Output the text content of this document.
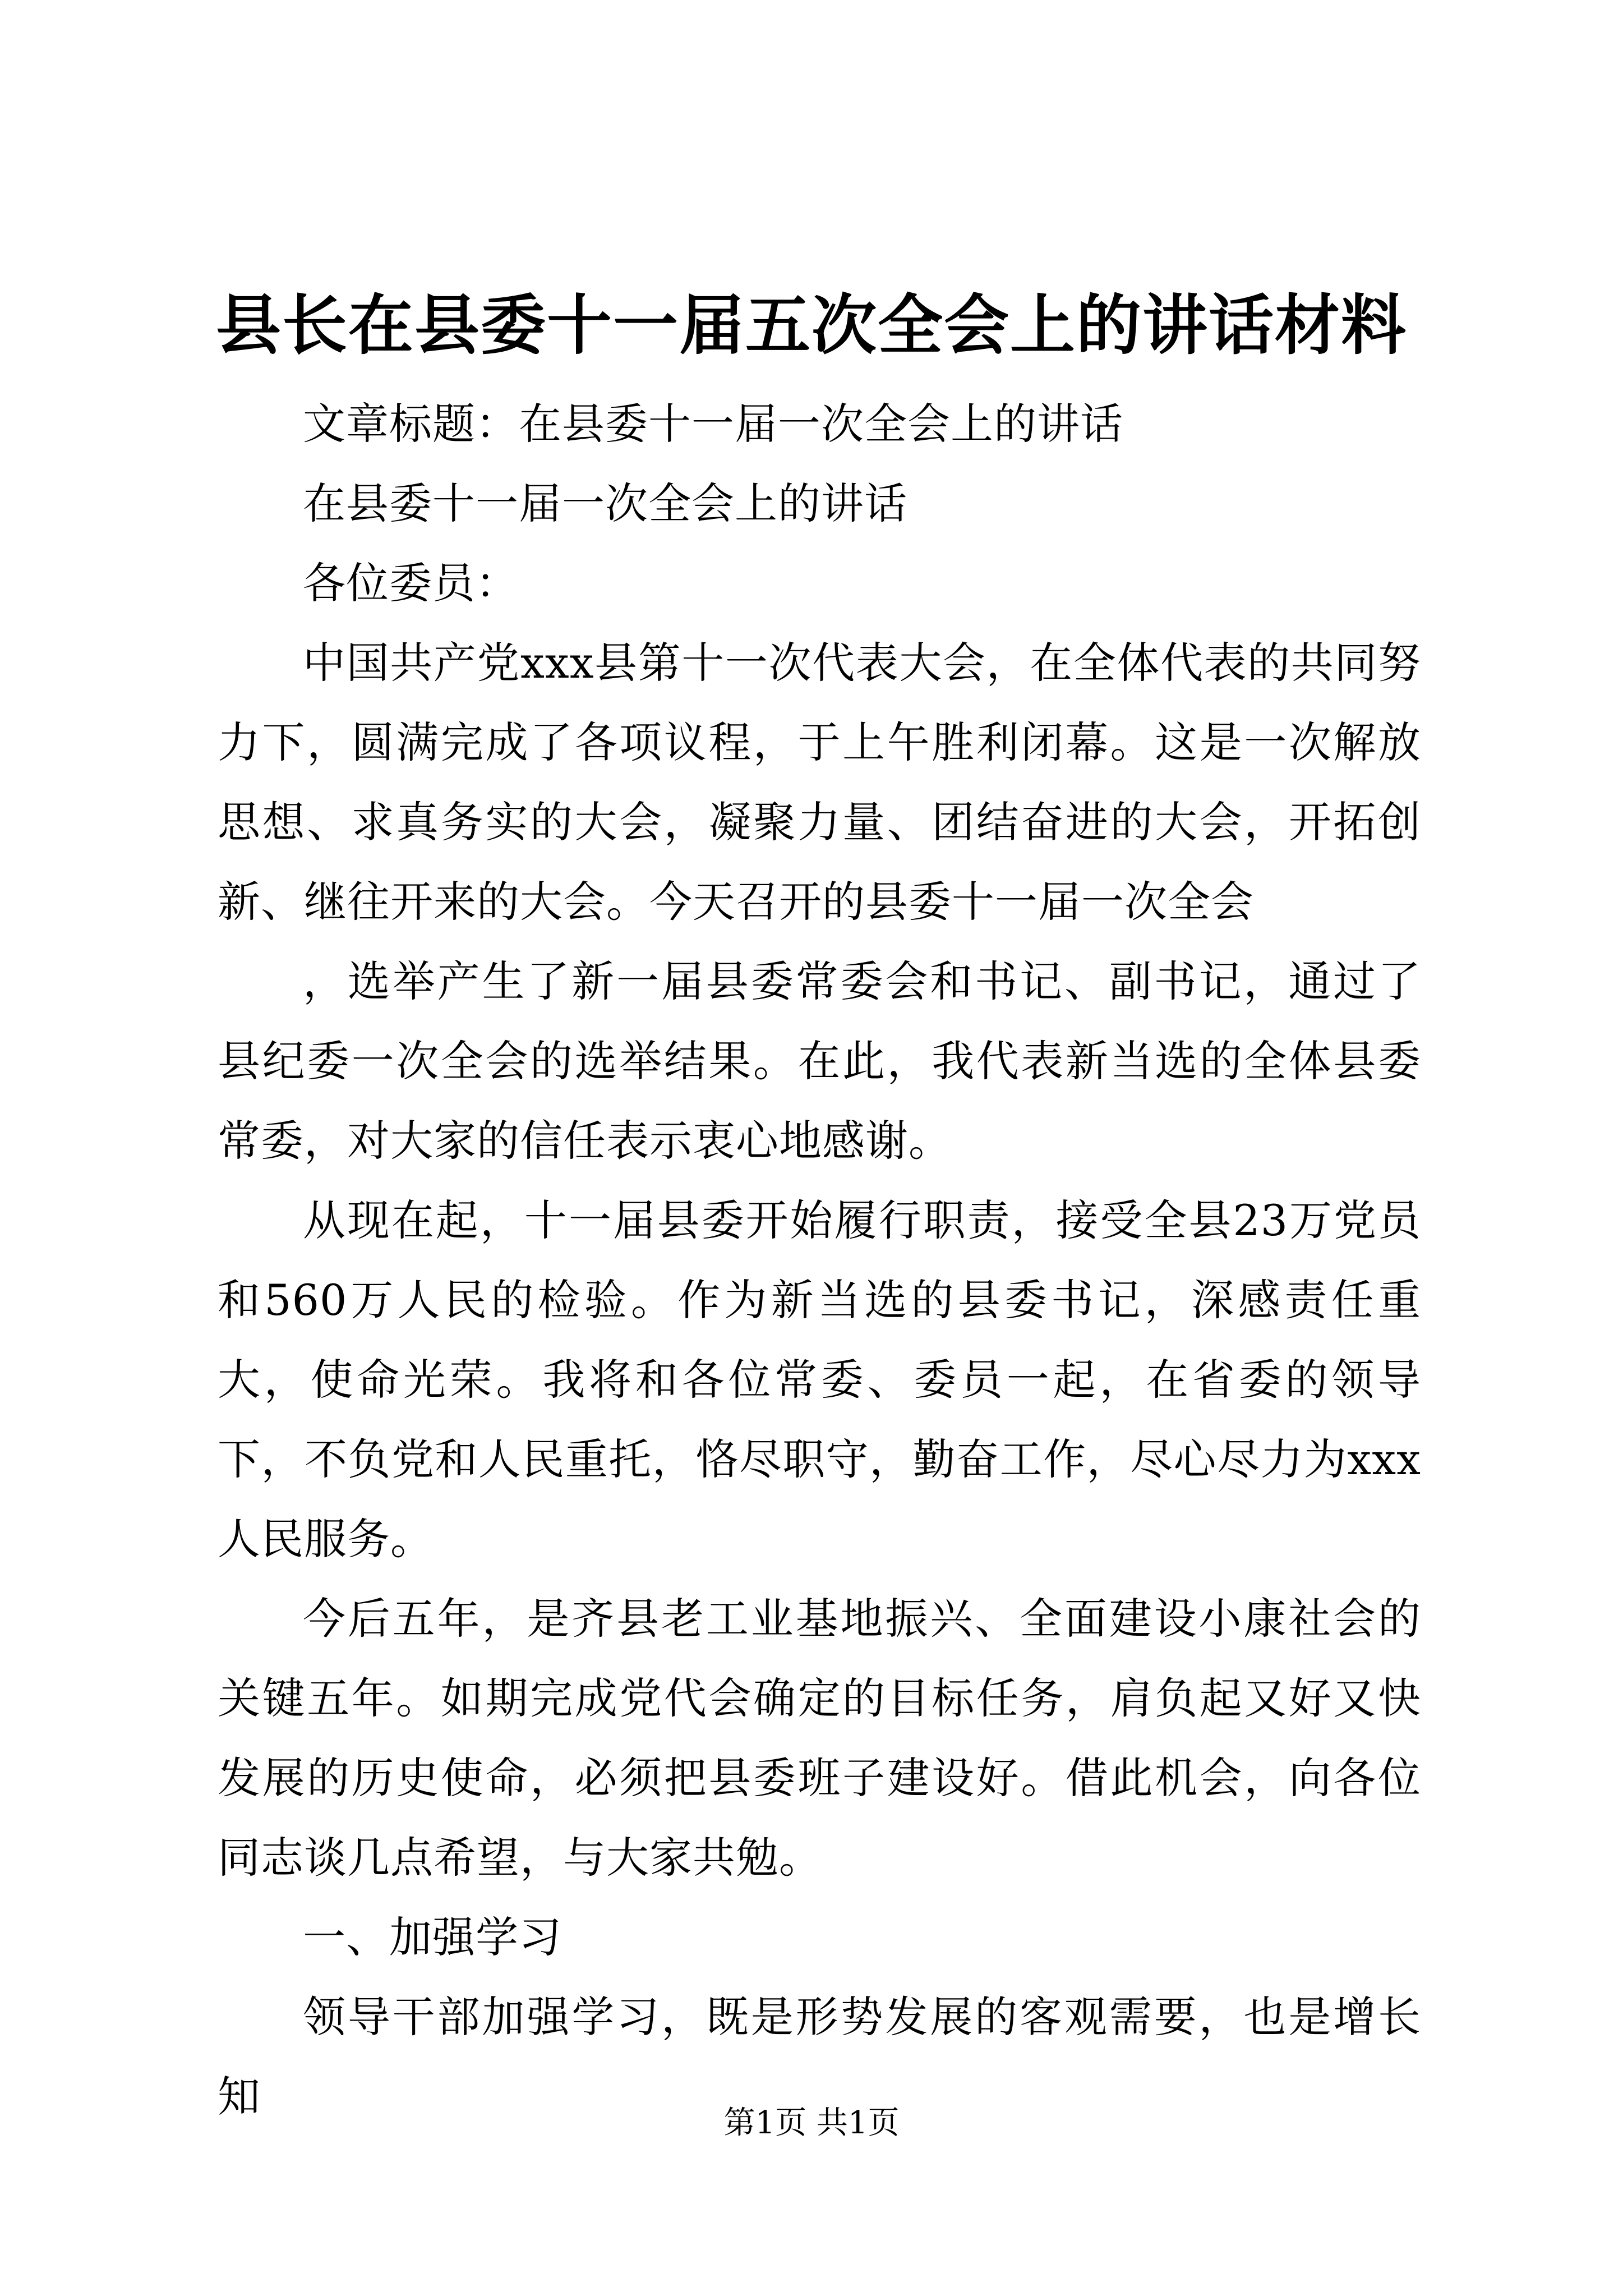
县长在县委十一届五次全会上的讲话材料

文章标题：在县委十一届一次全会上的讲话

在县委十一届一次全会上的讲话

各位委员：

中国共产党xxx县第十一次代表大会，在全体代表的共同努力下，圆满完成了各项议程，于上午胜利闭幕。这是一次解放思想、求真务实的大会，凝聚力量、团结奋进的大会，开拓创新、继往开来的大会。今天召开的县委十一届一次全会

，选举产生了新一届县委常委会和书记、副书记，通过了县纪委一次全会的选举结果。在此，我代表新当选的全体县委常委，对大家的信任表示衷心地感谢。

从现在起，十一届县委开始履行职责，接受全县23万党员和560万人民的检验。作为新当选的县委书记，深感责任重大，使命光荣。我将和各位常委、委员一起，在省委的领导下，不负党和人民重托，恪尽职守，勤奋工作，尽心尽力为xxx人民服务。

今后五年，是齐县老工业基地振兴、全面建设小康社会的关键五年。如期完成党代会确定的目标任务，肩负起又好又快发展的历史使命，必须把县委班子建设好。借此机会，向各位同志谈几点希望，与大家共勉。

一、加强学习

领导干部加强学习，既是形势发展的客观需要，也是增长知

第1页 共1页
